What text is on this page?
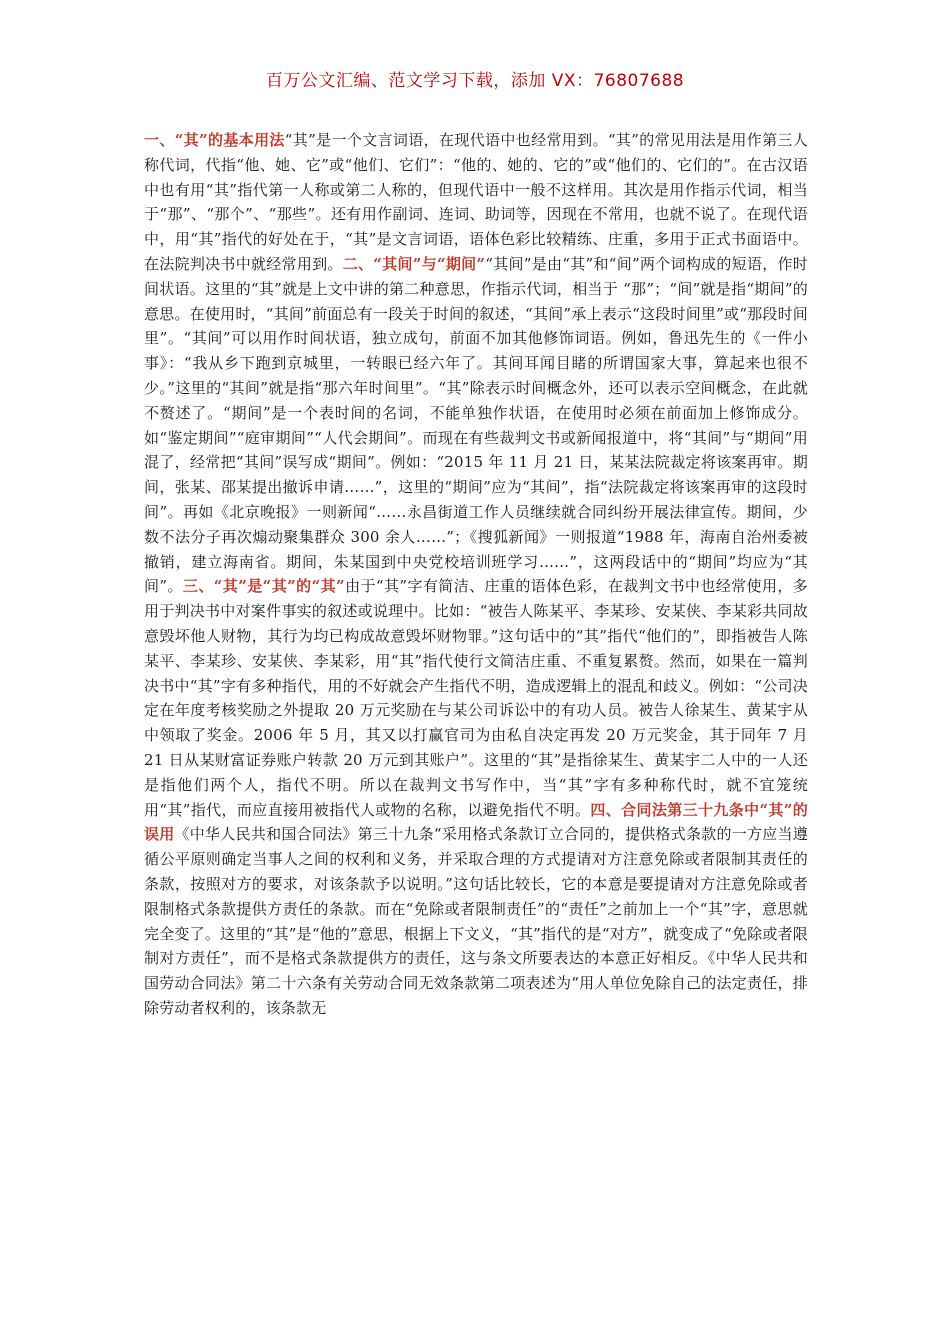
百万公文汇编、范文学习下载，添加 VX：76807688
一、“其”的基本用法“其”是一个文言词语，在现代语中也经常用到。“其”的常见用法是用作第三人称代词，代指“他、她、它”或“他们、它们”：“他的、她的、它的”或“他们的、它们的”。在古汉语中也有用“其”指代第一人称或第二人称的，但现代语中一般不这样用。其次是用作指示代词，相当于“那”、“那个”、“那些”。还有用作副词、连词、助词等，因现在不常用，也就不说了。在现代语中，用“其”指代的好处在于，“其”是文言词语，语体色彩比较精练、庄重，多用于正式书面语中。在法院判决书中就经常用到。二、“其间”与“期间”“其间”是由“其”和“间”两个词构成的短语，作时间状语。这里的“其”就是上文中讲的第二种意思，作指示代词，相当于 “那”；“间”就是指“期间”的意思。在使用时，“其间”前面总有一段关于时间的叙述，“其间”承上表示“这段时间里”或“那段时间里”。“其间”可以用作时间状语，独立成句，前面不加其他修饰词语。例如，鲁迅先生的《一件小事》：“我从乡下跑到京城里，一转眼已经六年了。其间耳闻目睹的所谓国家大事，算起来也很不少。”这里的“其间”就是指“那六年时间里”。“其”除表示时间概念外，还可以表示空间概念，在此就不赘述了。“期间”是一个表时间的名词，不能单独作状语，在使用时必须在前面加上修饰成分。如“鉴定期间”“庭审期间”“人代会期间”。而现在有些裁判文书或新闻报道中，将“其间”与“期间”用混了，经常把“其间”误写成“期间”。例如：“2015 年 11 月 21 日，某某法院裁定将该案再审。期间，张某、邵某提出撤诉申请……”，这里的“期间”应为“其间”，指“法院裁定将该案再审的这段时间”。再如《北京晚报》一则新闻“……永昌街道工作人员继续就合同纠纷开展法律宣传。期间，少数不法分子再次煽动聚集群众 300 余人……”；《搜狐新闻》一则报道“1988 年，海南自治州委被撤销，建立海南省。期间，朱某国到中央党校培训班学习……”，这两段话中的“期间”均应为“其间”。三、“其”是“其”的“其”由于“其”字有简洁、庄重的语体色彩，在裁判文书中也经常使用，多用于判决书中对案件事实的叙述或说理中。比如：“被告人陈某平、李某珍、安某侠、李某彩共同故意毁坏他人财物，其行为均已构成故意毁坏财物罪。”这句话中的“其”指代“他们的”，即指被告人陈某平、李某珍、安某侠、李某彩，用“其”指代使行文简洁庄重、不重复累赘。然而，如果在一篇判决书中“其”字有多种指代，用的不好就会产生指代不明，造成逻辑上的混乱和歧义。例如：“公司决定在年度考核奖励之外提取 20 万元奖励在与某公司诉讼中的有功人员。被告人徐某生、黄某宇从中领取了奖金。2006 年 5 月，其又以打赢官司为由私自决定再发 20 万元奖金，其于同年 7 月 21 日从某财富证券账户转款 20 万元到其账户”。这里的“其”是指徐某生、黄某宇二人中的一人还是指他们两个人，指代不明。所以在裁判文书写作中，当“其”字有多种称代时，就不宜笼统用“其”指代，而应直接用被指代人或物的名称，以避免指代不明。四、合同法第三十九条中“其”的误用《中华人民共和国合同法》第三十九条“采用格式条款订立合同的，提供格式条款的一方应当遵循公平原则确定当事人之间的权利和义务，并采取合理的方式提请对方注意免除或者限制其责任的条款，按照对方的要求，对该条款予以说明。”这句话比较长，它的本意是要提请对方注意免除或者限制格式条款提供方责任的条款。而在“免除或者限制责任”的“责任”之前加上一个“其”字，意思就完全变了。这里的“其”是“他的”意思，根据上下文义，“其”指代的是“对方”，就变成了“免除或者限制对方责任”，而不是格式条款提供方的责任，这与条文所要表达的本意正好相反。《中华人民共和国劳动合同法》第二十六条有关劳动合同无效条款第二项表述为“用人单位免除自己的法定责任，排除劳动者权利的，该条款无
